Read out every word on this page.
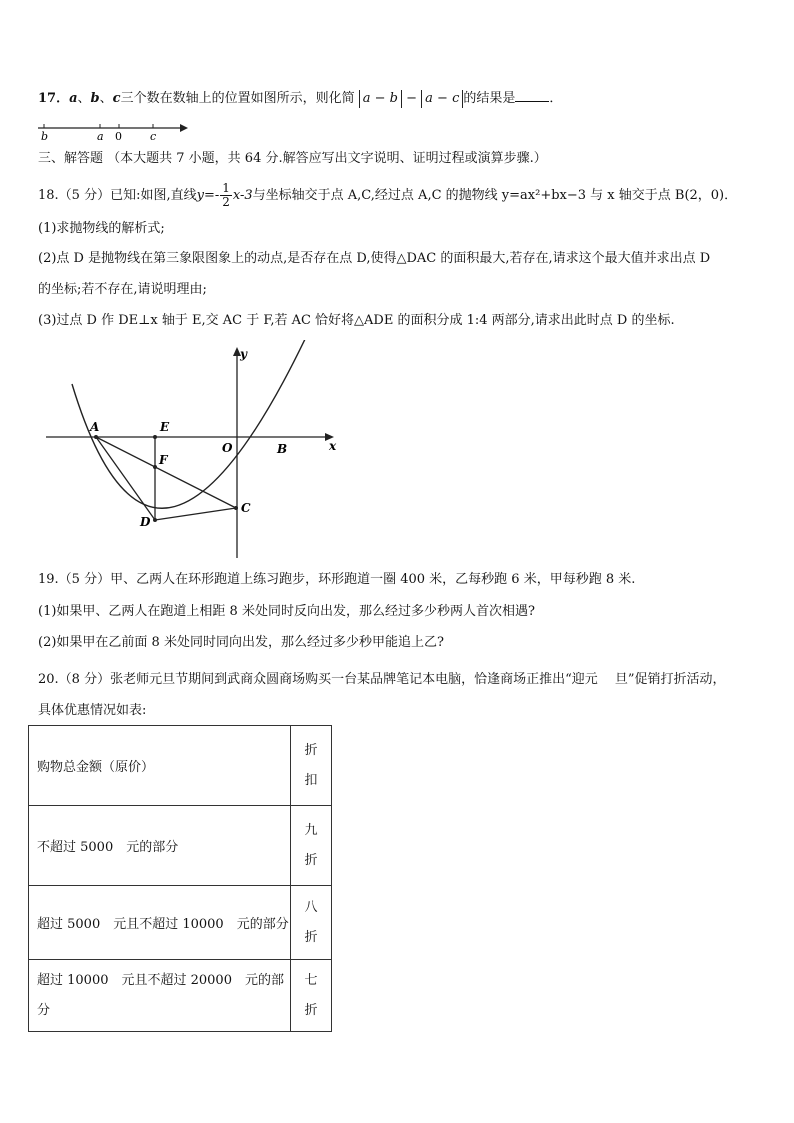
17．a、b、c三个数在数轴上的位置如图所示，则化简 a − b − a − c 的结果是	．
b	a 0	c
三、解答题 （本大题共 7 小题，共 64 分.解答应写出文字说明、证明过程或演算步骤.）
18.（5 分）已知:如图,直线$y=- \frac{1}{2} x-3$与坐标轴交于点 A,C,经过点 A,C 的抛物线 y=ax²+bx−3 与 x 轴交于点 B(2，0)．
(1)求抛物线的解析式;
(2)点 D 是抛物线在第三象限图象上的动点,是否存在点 D,使得△DAC 的面积最大,若存在,请求这个最大值并求出点 D
的坐标;若不存在,请说明理由;
(3)过点 D 作 DE⊥x 轴于 E,交 AC 于 F,若 AC 恰好将△ADE 的面积分成 1:4 两部分,请求出此时点 D 的坐标.
y
x
A	E
O	B
F
C
D
19.（5 分）甲、乙两人在环形跑道上练习跑步，环形跑道一圈 400 米，乙每秒跑 6 米，甲每秒跑 8 米.
(1)如果甲、乙两人在跑道上相距 8 米处同时反向出发，那么经过多少秒两人首次相遇?
(2)如果甲在乙前面 8 米处同时同向出发，那么经过多少秒甲能追上乙?
20.（8 分）张老师元旦节期间到武商众圆商场购买一台某品牌笔记本电脑，恰逢商场正推出“迎元　 旦”促销打折活动，
具体优惠情况如表:
购物总金额（原价）	折
扣
不超过 5000　元的部分	九
折
超过 5000　元且不超过 10000　元的部分	八
折
超过 10000　元且不超过 20000　元的部
分	七
折
